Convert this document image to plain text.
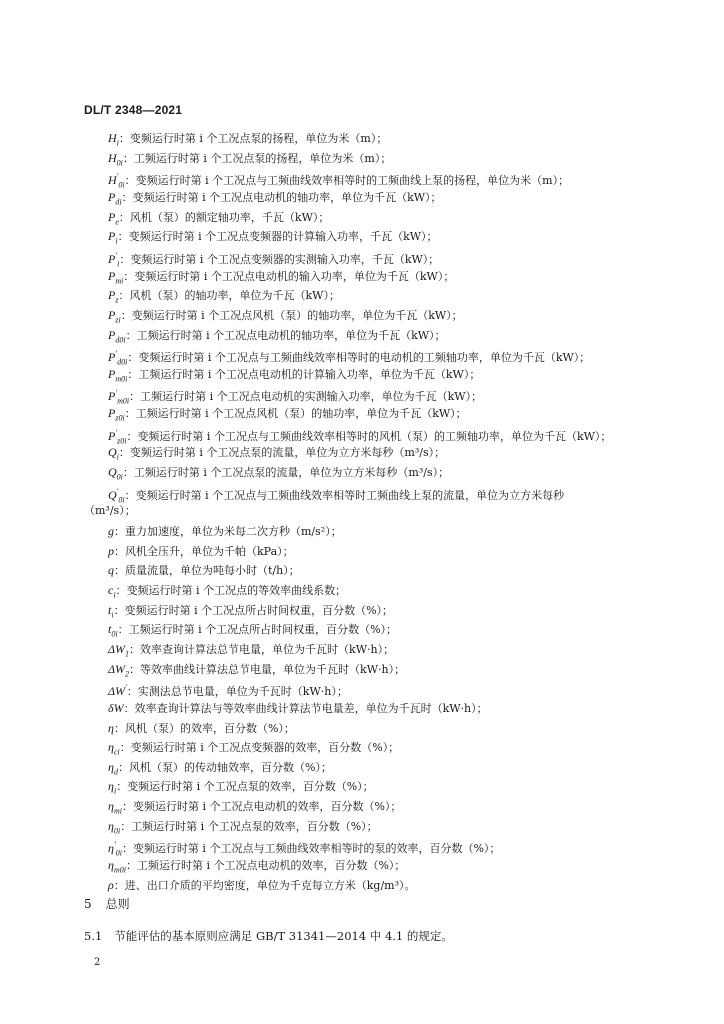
DL/T 2348—2021
$H_i$：变频运行时第 i 个工况点泵的扬程，单位为米（m）；
$H_{0i}$：工频运行时第 i 个工况点泵的扬程，单位为米（m）；
$H'_{0i}$：变频运行时第 i 个工况点与工频曲线效率相等时的工频曲线上泵的扬程，单位为米（m）；
$P_{di}$：变频运行时第 i 个工况点电动机的轴功率，单位为千瓦（kW）；
$P_e$：风机（泵）的额定轴功率，千瓦（kW）；
$P_i$：变频运行时第 i 个工况点变频器的计算输入功率，千瓦（kW）；
$P'_i$：变频运行时第 i 个工况点变频器的实测输入功率，千瓦（kW）；
$P_{mi}$：变频运行时第 i 个工况点电动机的输入功率，单位为千瓦（kW）；
$P_z$：风机（泵）的轴功率，单位为千瓦（kW）；
$P_{zi}$：变频运行时第 i 个工况点风机（泵）的轴功率，单位为千瓦（kW）；
$P_{d0i}$：工频运行时第 i 个工况点电动机的轴功率，单位为千瓦（kW）；
$P'_{d0i}$：变频运行时第 i 个工况点与工频曲线效率相等时的电动机的工频轴功率，单位为千瓦（kW）；
$P_{m0i}$：工频运行时第 i 个工况点电动机的计算输入功率，单位为千瓦（kW）；
$P'_{m0i}$：工频运行时第 i 个工况点电动机的实测输入功率，单位为千瓦（kW）；
$P_{z0i}$：工频运行时第 i 个工况点风机（泵）的轴功率，单位为千瓦（kW）；
$P'_{z0i}$：变频运行时第 i 个工况点与工频曲线效率相等时的风机（泵）的工频轴功率，单位为千瓦（kW）；
$Q_i$：变频运行时第 i 个工况点泵的流量，单位为立方米每秒（m³/s）；
$Q_{0i}$：工频运行时第 i 个工况点泵的流量，单位为立方米每秒（m³/s）；
$Q'_{0i}$：变频运行时第 i 个工况点与工频曲线效率相等时工频曲线上泵的流量，单位为立方米每秒
（m³/s）；
g：重力加速度，单位为米每二次方秒（m/s²）；
p：风机全压升，单位为千帕（kPa）；
q：质量流量，单位为吨每小时（t/h）；
$c_i$：变频运行时第 i 个工况点的等效率曲线系数；
$t_i$：变频运行时第 i 个工况点所占时间权重，百分数（%）；
$t_{0i}$：工频运行时第 i 个工况点所占时间权重，百分数（%）；
$\Delta W_1$：效率查询计算法总节电量，单位为千瓦时（kW·h）；
$\Delta W_2$：等效率曲线计算法总节电量，单位为千瓦时（kW·h）；
ΔW′：实测法总节电量，单位为千瓦时（kW·h）；
δW：效率查询计算法与等效率曲线计算法节电量差，单位为千瓦时（kW·h）；
η：风机（泵）的效率，百分数（%）；
$\eta_{ci}$：变频运行时第 i 个工况点变频器的效率，百分数（%）；
$\eta_d$：风机（泵）的传动轴效率，百分数（%）；
$\eta_i$：变频运行时第 i 个工况点泵的效率，百分数（%）；
$\eta_{mi}$：变频运行时第 i 个工况点电动机的效率，百分数（%）；
$\eta_{0i}$：工频运行时第 i 个工况点泵的效率，百分数（%）；
$\eta'_{0i}$：变频运行时第 i 个工况点与工频曲线效率相等时的泵的效率，百分数（%）；
$\eta_{m0i}$：工频运行时第 i 个工况点电动机的效率，百分数（%）；
ρ：进、出口介质的平均密度，单位为千克每立方米（kg/m³）。
5 总则
5.1 节能评估的基本原则应满足 GB/T 31341—2014 中 4.1 的规定。
2
